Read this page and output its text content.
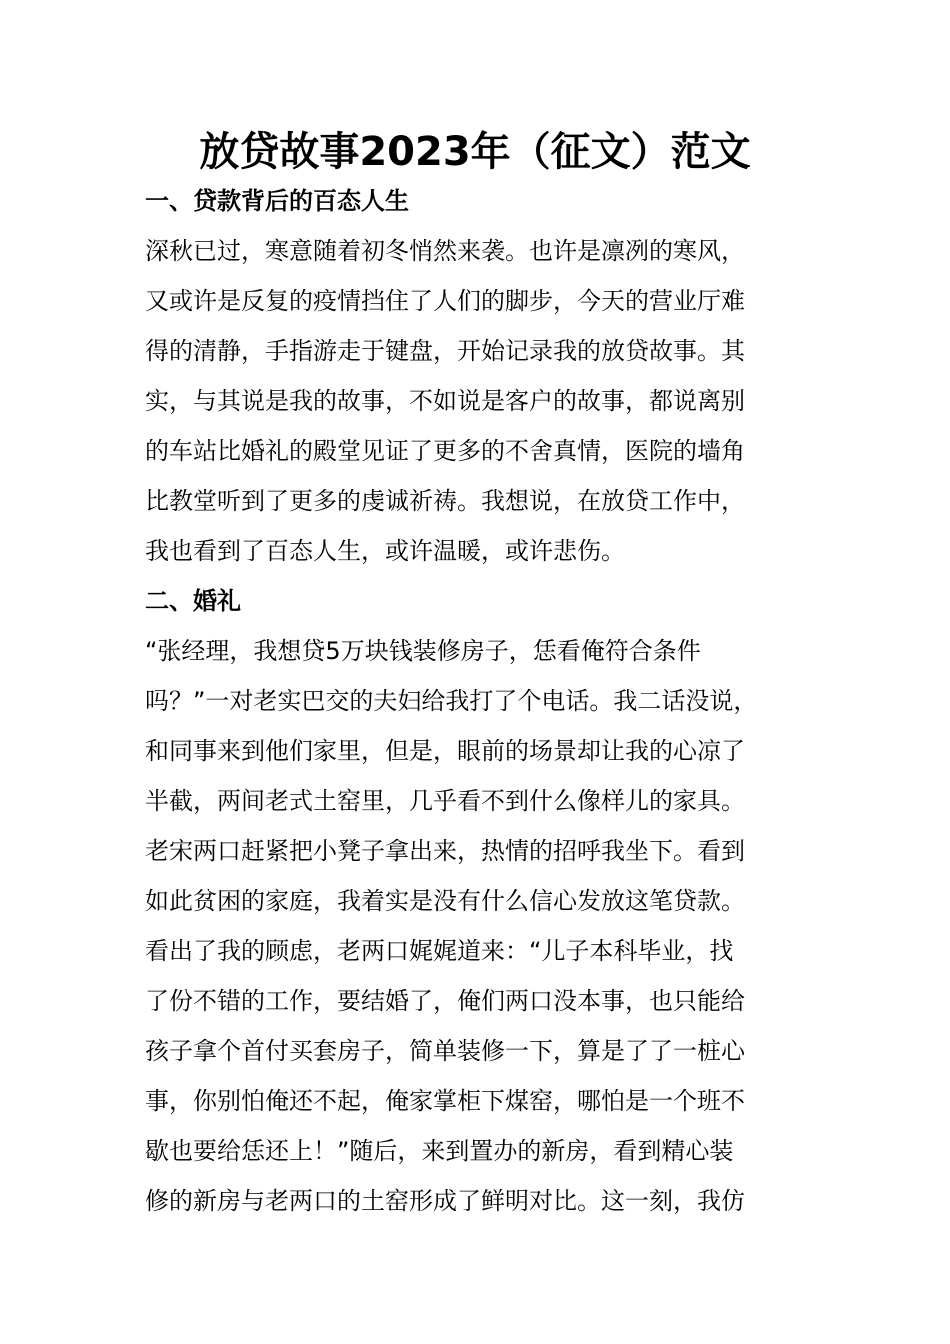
放贷故事2023年（征文）范文
一、贷款背后的百态人生
深秋已过，寒意随着初冬悄然来袭。也许是凛冽的寒风，
又或许是反复的疫情挡住了人们的脚步，今天的营业厅难
得的清静，手指游走于键盘，开始记录我的放贷故事。其
实，与其说是我的故事，不如说是客户的故事，都说离别
的车站比婚礼的殿堂见证了更多的不舍真情，医院的墙角
比教堂听到了更多的虔诚祈祷。我想说，在放贷工作中，
我也看到了百态人生，或许温暖，或许悲伤。
二、婚礼
“张经理，我想贷5万块钱装修房子，恁看俺符合条件
吗？”一对老实巴交的夫妇给我打了个电话。我二话没说，
和同事来到他们家里，但是，眼前的场景却让我的心凉了
半截，两间老式土窑里，几乎看不到什么像样儿的家具。
老宋两口赶紧把小凳子拿出来，热情的招呼我坐下。看到
如此贫困的家庭，我着实是没有什么信心发放这笔贷款。
看出了我的顾虑，老两口娓娓道来：“儿子本科毕业，找
了份不错的工作，要结婚了，俺们两口没本事，也只能给
孩子拿个首付买套房子，简单装修一下，算是了了一桩心
事，你别怕俺还不起，俺家掌柜下煤窑，哪怕是一个班不
歇也要给恁还上！”随后，来到置办的新房，看到精心装
修的新房与老两口的土窑形成了鲜明对比。这一刻，我仿
